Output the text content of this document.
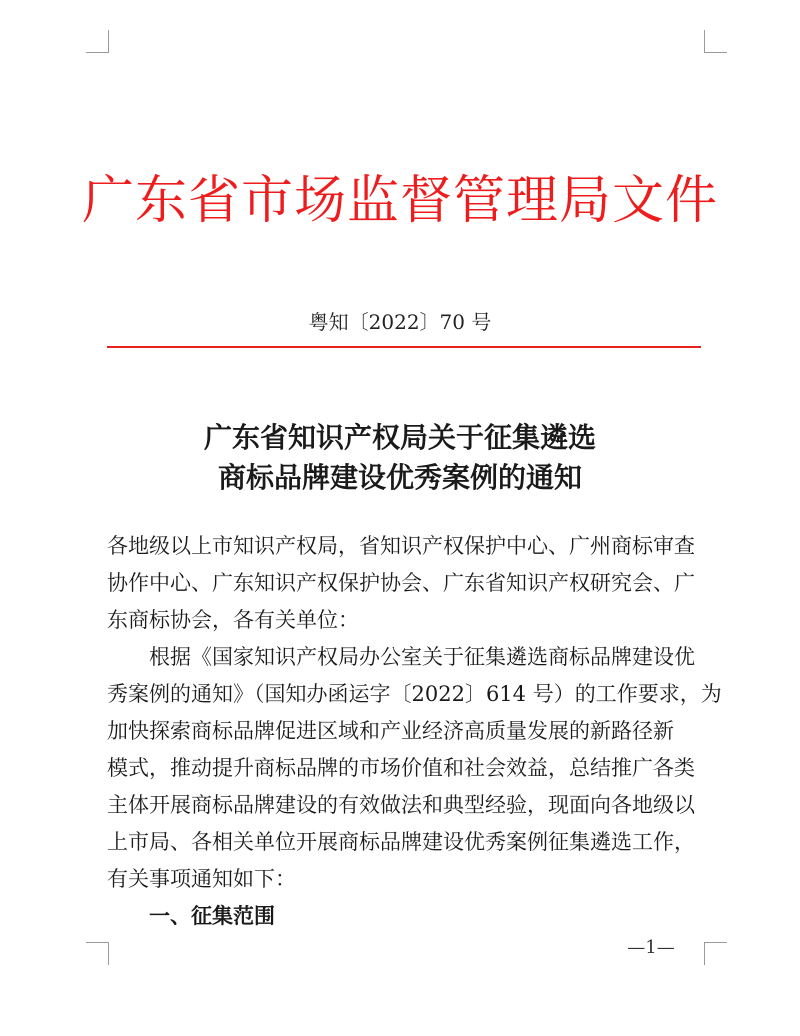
广东省市场监督管理局文件
粤知〔2022〕70 号
广东省知识产权局关于征集遴选
商标品牌建设优秀案例的通知

各地级以上市知识产权局，省知识产权保护中心、广州商标审查
协作中心、广东知识产权保护协会、广东省知识产权研究会、广
东商标协会，各有关单位：

根据《国家知识产权局办公室关于征集遴选商标品牌建设优
秀案例的通知》（国知办函运字〔2022〕614 号）的工作要求，为
加快探索商标品牌促进区域和产业经济高质量发展的新路径新
模式，推动提升商标品牌的市场价值和社会效益，总结推广各类
主体开展商标品牌建设的有效做法和典型经验，现面向各地级以
上市局、各相关单位开展商标品牌建设优秀案例征集遴选工作，
有关事项通知如下：

一、征集范围

—1—
